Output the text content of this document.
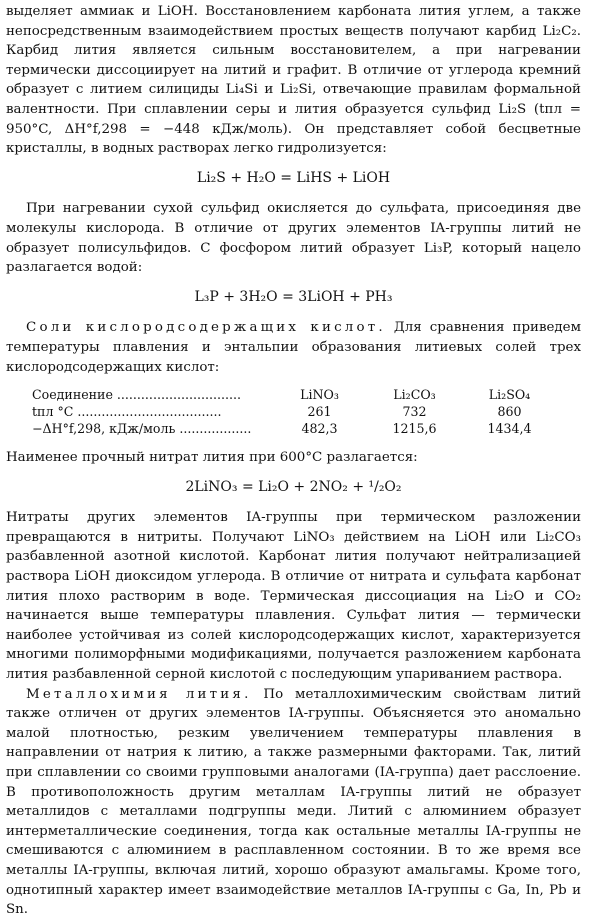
выделяет аммиак и LiOH. Восстановлением карбоната лития углем, а также непосредственным взаимодействием простых веществ получают карбид Li₂C₂. Карбид лития является сильным восстановителем, а при нагревании термически диссоциирует на литий и графит. В отличие от углерода кремний образует с литием силициды Li₄Si и Li₂Si, отвечающие правилам формальной валентности. При сплавлении серы и лития образуется сульфид Li₂S (tпл = 950°C, ΔH°f,298 = −448 кДж/моль). Он представляет собой бесцветные кристаллы, в водных растворах легко гидролизуется:

Li₂S + H₂O = LiHS + LiOH

При нагревании сухой сульфид окисляется до сульфата, присоединяя две молекулы кислорода. В отличие от других элементов IA-группы литий не образует полисульфидов. С фосфором литий образует Li₃P, который нацело разлагается водой:

L₃P + 3H₂O = 3LiOH + PH₃

Соли кислородсодержащих кислот. Для сравнения приведем температуры плавления и энтальпии образования литиевых солей трех кислородсодержащих кислот:

Соединение ...............................	LiNO₃	Li₂CO₃	Li₂SO₄
tпл °C ....................................	261	732	860
−ΔH°f,298, кДж/моль ..................	482,3	1215,6	1434,4

Наименее прочный нитрат лития при 600°C разлагается:

2LiNO₃ = Li₂O + 2NO₂ + ¹/₂O₂

Нитраты других элементов IA-группы при термическом разложении превращаются в нитриты. Получают LiNO₃ действием на LiOH или Li₂CO₃ разбавленной азотной кислотой. Карбонат лития получают нейтрализацией раствора LiOH диоксидом углерода. В отличие от нитрата и сульфата карбонат лития плохо растворим в воде. Термическая диссоциация на Li₂O и CO₂ начинается выше температуры плавления. Сульфат лития — термически наиболее устойчивая из солей кислородсодержащих кислот, характеризуется многими полиморфными модификациями, получается разложением карбоната лития разбавленной серной кислотой с последующим упариванием раствора.

Металлохимия лития. По металлохимическим свойствам литий также отличен от других элементов IA-группы. Объясняется это аномально малой плотностью, резким увеличением температуры плавления в направлении от натрия к литию, а также размерными факторами. Так, литий при сплавлении со своими групповыми аналогами (IA-группа) дает расслоение. В противоположность другим металлам IA-группы литий не образует металлидов с металлами подгруппы меди. Литий с алюминием образует интерметаллические соединения, тогда как остальные металлы IA-группы не смешиваются с алюминием в расплавленном состоянии. В то же время все металлы IA-группы, включая литий, хорошо образуют амальгамы. Кроме того, однотипный характер имеет взаимодействие металлов IA-группы с Ga, In, Pb и Sn.
